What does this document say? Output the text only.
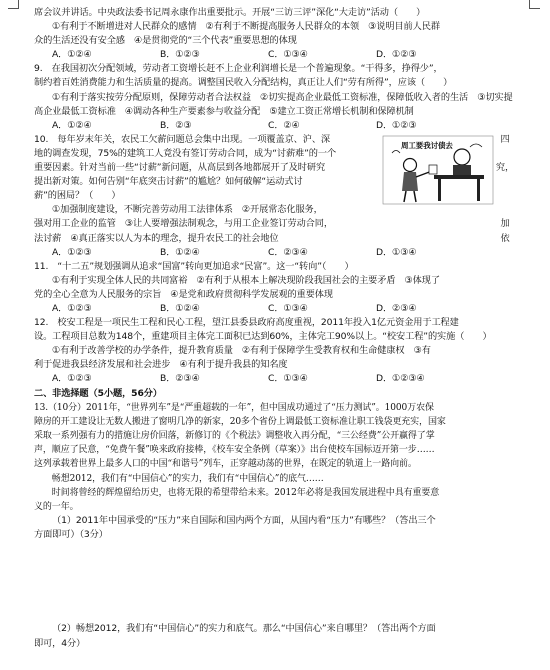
席会议并讲话。中央政法委书记周永康作出重要批示。开展“三访三评”深化“大走访”活动（　　）

①有利于不断增进对人民群众的感情　②有利于不断提高服务人民群众的本领　③说明目前人民群

众的生活还没有安全感　④是贯彻党的“三个代表”重要思想的体现

A．①②④	B．①②③	C．①③④	D．①②③

9.　在我国初次分配领域，劳动者工资增长赶不上企业利润增长是一个普遍现象。“干得多，挣得少”，

制约着百姓消费能力和生活质量的提高。调整国民收入分配结构，真正让人们“劳有所得”，应该（　　）

①有利于落实按劳分配原则，保障劳动者合法权益　②切实提高企业最低工资标准，保障低收入者的生活　③切实提

高企业最低工资标准　④调动各种生产要素参与收益分配　⑤建立工资正常增长机制和保障机制

A．①②④	B．②③	C．②④	D．①②③
四
究，
周工要我讨债去

10.　每年岁末年关，农民工欠薪问题总会集中出现。一项覆盖京、沪、深

地的调查发现，75%的建筑工人竟没有签订劳动合同，成为“讨薪难”的一个

重要因素。针对当前一些“讨薪”新问题，从高层到各地都展开了及时研究

提出新对策。如何告别“年底突击讨薪”的尴尬？如何破解“运动式讨

薪”的困局？（　　）

①加强制度建设，不断完善劳动用工法律体系　②开展常态化服务，

强对用工企业的监管　③让人要增强法制观念，与用工企业签订劳动合同，	加

法讨薪　④真正落实以人为本的理念，提升农民工的社会地位	依

A．①②③	B．①②④	C．②③④	D．①③④

11.　“十二五”规划强调从追求“国富”转向更加追求“民富”。这一“转向”（　　）

①有利于实现全体人民的共同富裕　②有利于从根本上解决现阶段我国社会的主要矛盾　③体现了

党的全心全意为人民服务的宗旨　④是党和政府贯彻科学发展观的重要体现

A．①②③	B．①②④	C．①③④	D．②③④

12.　校安工程是一项民生工程和民心工程，望江县委县政府高度重视，2011年投入1亿元资金用于工程建

设。工程项目总数为148个，重建项目主体完工面积已达到60%，主体完工90%以上。“校安工程”的实施（　　）

①有利于改善学校的办学条件，提升教育质量　②有利于保障学生受教育权和生命健康权　③有

利于促进我县经济发展和社会进步　④有利于提升我县的知名度

A．①②③	B．②③④	C．①③④	D．①②③④

二、非选择题（5小题，56分）

13.（10分）2011年，“世界列车”是“严重超载的一年”，但中国成功通过了“压力测试”。1000万农保

障房的开工建设让无数人搬进了窗明几净的新家，20多个省份上调最低工资标准让职工钱袋更充实，国家

采取一系列强有力的措施让房价回落，新修订的《个税法》调整收入再分配，“三公经费”公开赢得了掌

声，顺应了民意，“免费午餐”唤来政府接棒，《校车安全条例（草案）》出台使校车国标迈开第一步……

这列承载着世界上最多人口的中国“和谐号”列车，正穿越动荡的世界，在既定的轨道上一路向前。

　　畅想2012，我们有“中国信心”的实力，我们有“中国信心”的底气……

　　时间将曾经的辉煌留给历史，也将无限的希望带给未来。2012年必将是我国发展进程中具有重要意

义的一年。

（1）2011年中国承受的“压力”来自国际和国内两个方面，从国内看“压力”有哪些？（答出三个

方面即可）（3分）

（2）畅想2012，我们有“中国信心”的实力和底气。那么“中国信心”来自哪里？（答出两个方面

即可，4分）
